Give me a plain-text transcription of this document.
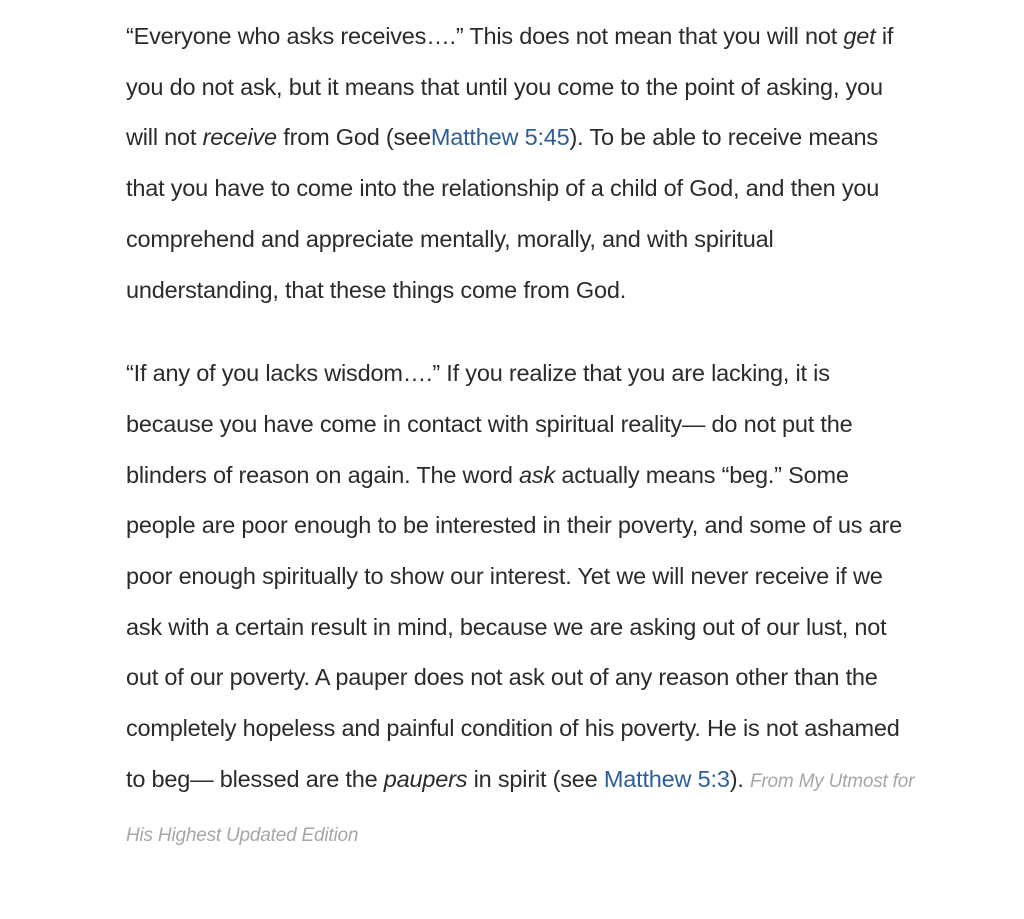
“Everyone who asks receives….” This does not mean that you will not get if you do not ask, but it means that until you come to the point of asking, you will not receive from God (seeMatthew 5:45). To be able to receive means that you have to come into the relationship of a child of God, and then you comprehend and appreciate mentally, morally, and with spiritual understanding, that these things come from God.

“If any of you lacks wisdom….” If you realize that you are lacking, it is because you have come in contact with spiritual reality— do not put the blinders of reason on again. The word ask actually means “beg.” Some people are poor enough to be interested in their poverty, and some of us are poor enough spiritually to show our interest. Yet we will never receive if we ask with a certain result in mind, because we are asking out of our lust, not out of our poverty. A pauper does not ask out of any reason other than the completely hopeless and painful condition of his poverty. He is not ashamed to beg— blessed are the paupers in spirit (see Matthew 5:3). From My Utmost for His Highest Updated Edition
